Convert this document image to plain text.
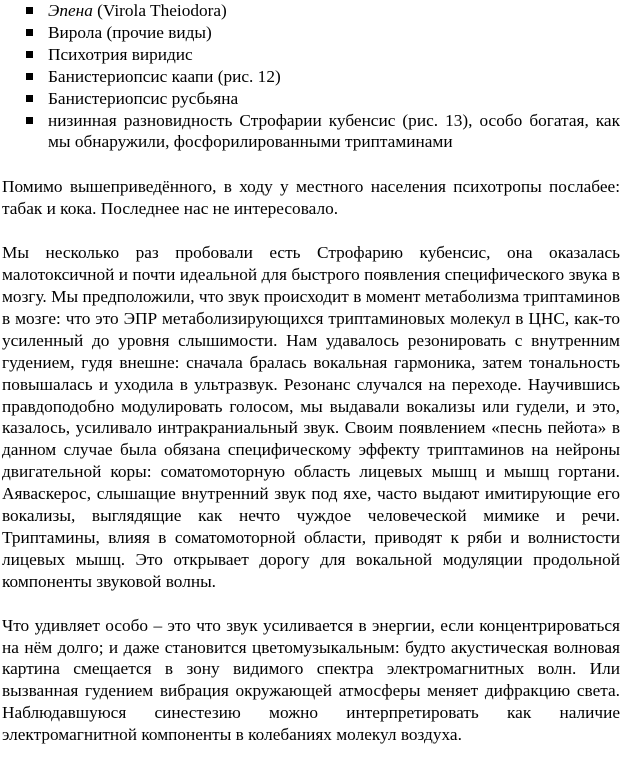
Эпена (Virola Theiodora)
Вирола (прочие виды)
Психотрия виридис
Банистериопсис каапи (рис. 12)
Банистериопсис русбьяна
низинная разновидность Строфарии кубенсис (рис. 13), особо богатая, как мы обнаружили, фосфорилированными триптаминами

Помимо вышеприведённого, в ходу у местного населения психотропы послабее: табак и кока. Последнее нас не интересовало.

Мы несколько раз пробовали есть Строфарию кубенсис, она оказалась малотоксичной и почти идеальной для быстрого появления специфического звука в мозгу. Мы предположили, что звук происходит в момент метаболизма триптаминов в мозге: что это ЭПР метаболизирующихся триптаминовых молекул в ЦНС, как-то усиленный до уровня слышимости. Нам удавалось резонировать с внутренним гудением, гудя внешне: сначала бралась вокальная гармоника, затем тональность повышалась и уходила в ультразвук. Резонанс случался на переходе. Научившись правдоподобно модулировать голосом, мы выдавали вокализы или гудели, и это, казалось, усиливало интракраниальный звук. Своим появлением «песнь пейота» в данном случае была обязана специфическому эффекту триптаминов на нейроны двигательной коры: соматомоторную область лицевых мышц и мышц гортани. Аяваскерос, слышащие внутренний звук под яхе, часто выдают имитирующие его вокализы, выглядящие как нечто чуждое человеческой мимике и речи. Триптамины, влияя в соматомоторной области, приводят к ряби и волнистости лицевых мышц. Это открывает дорогу для вокальной модуляции продольной компоненты звуковой волны.

Что удивляет особо – это что звук усиливается в энергии, если концентрироваться на нём долго; и даже становится цветомузыкальным: будто акустическая волновая картина смещается в зону видимого спектра электромагнитных волн. Или вызванная гудением вибрация окружающей атмосферы меняет дифракцию света. Наблюдавшуюся синестезию можно интерпретировать как наличие электромагнитной компоненты в колебаниях молекул воздуха.
